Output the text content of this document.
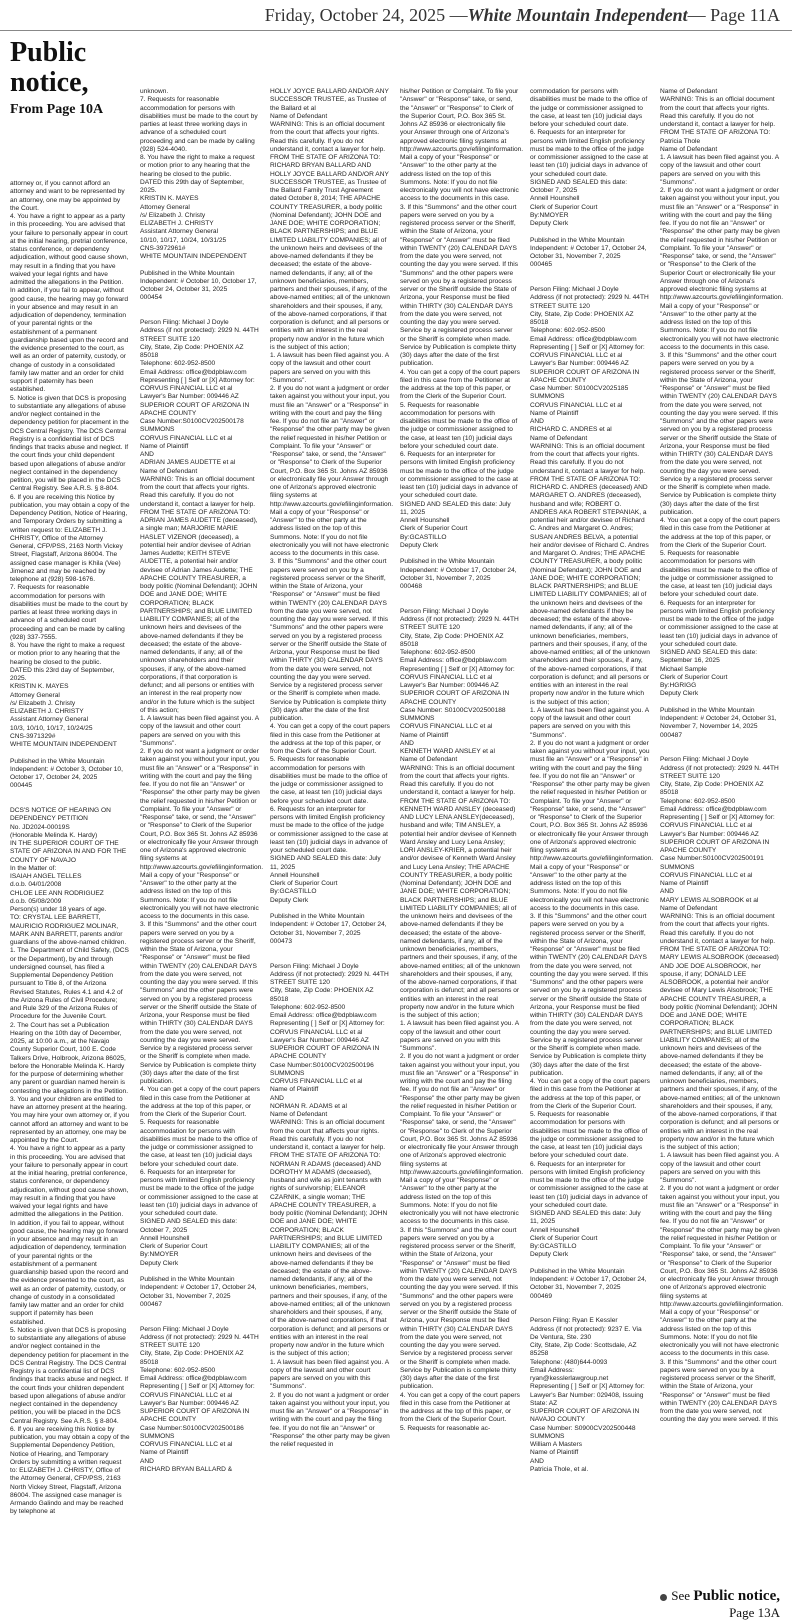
Friday, October 24, 2025 —White Mountain Independent— Page 11A
Public notice,
From Page 10A
attorney or, if you cannot afford an attorney and want to be represented by an attorney, one may be appointed by the Court.
4. You have a right to appear as a party in this proceeding. You are advised that your failure to personally appear in court at the initial hearing, pretrial conference, status conference, or dependency adjudication, without good cause shown, may result in a finding that you have waived your legal rights and have admitted the allegations in the Petition. In addition, if you fail to appear, without good cause, the hearing may go forward in your absence and may result in an adjudication of dependency, termination of your parental rights or the establishment of a permanent guardianship based upon the record and the evidence presented to the court, as well as an order of paternity, custody, or change of custody in a consolidated family law matter and an order for child support if paternity has been established.
5. Notice is given that DCS is proposing to substantiate any allegations of abuse and/or neglect contained in the dependency petition for placement in the DCS Central Registry. The DCS Central Registry is a confidential list of DCS findings that tracks abuse and neglect. If the court finds your child dependent based upon allegations of abuse and/or neglect contained in the dependency petition, you will be placed in the DCS Central Registry. See A.R.S. § 8-804.
6. If you are receiving this Notice by publication, you may obtain a copy of the Dependency Petition, Notice of Hearing, and Temporary Orders by submitting a written request to: ELIZABETH J. CHRISTY, Office of the Attorney General, CFP/PSS, 2163 North Vickey Street, Flagstaff, Arizona 86004. The assigned case manager is Khila (Vee) Jimenez and may be reached by telephone at (928) 598-1676.
7. Requests for reasonable accommodation for persons with disabilities must be made to the court by parties at least three working days in advance of a scheduled court proceeding and can be made by calling (928) 337-7555.
8. You have the right to make a request or motion prior to any hearing that the hearing be closed to the public.
DATED this 23rd day of September, 2025.
KRISTIN K. MAYES
Attorney General
/s/ Elizabeth J. Christy
ELIZABETH J. CHRISTY
Assistant Attorney General
10/3, 10/10, 10/17, 10/24/25
CNS-3971329#
WHITE MOUNTAIN INDEPENDENT

Published in the White Mountain Independent: # October 3, October 10, October 17, October 24, 2025
000445

DCS'S NOTICE OF HEARING ON DEPENDENCY PETITION
No. JD2024-00019S
(Honorable Melinda K. Hardy)
IN THE SUPERIOR COURT OF THE STATE OF ARIZONA IN AND FOR THE COUNTY OF NAVAJO
In the Matter of:
ISAIAH ANGEL TELLES
d.o.b. 04/01/2008
CHLOE LEE ANN RODRIGUEZ
d.o.b. 05/08/2009
Person(s) under 18 years of age.
TO: CRYSTAL LEE BARRETT, MAURICIO RODRIGUEZ MOLINAR, MARK ANN BARRETT, parents and/or guardians of the above-named children.
1. The Department of Child Safety, (DCS or the Department), by and through undersigned counsel, has filed a Supplemental Dependency Petition pursuant to Title 8, of the Arizona Revised Statutes, Rules 4.1 and 4.2 of the Arizona Rules of Civil Procedure; and Rule 329 of the Arizona Rules of Procedure for the Juvenile Court.
2. The Court has set a Publication Hearing on the 10th day of December, 2025, at 10:00 a.m., at the Navajo County Superior Court, 100 E. Code Talkers Drive, Holbrook, Arizona 86025, before the Honorable Melinda K. Hardy for the purpose of determining whether any parent or guardian named herein is contesting the allegations in the Petition.
3. You and your children are entitled to have an attorney present at the hearing. You may hire your own attorney or, if you cannot afford an attorney and want to be represented by an attorney, one may be appointed by the Court.
4. You have a right to appear as a party in this proceeding. You are advised that your failure to personally appear in court at the initial hearing, pretrial conference, status conference, or dependency adjudication, without good cause shown, may result in a finding that you have waived your legal rights and have admitted the allegations in the Petition. In addition, if you fail to appear, without good cause, the hearing may go forward in your absence and may result in an adjudication of dependency, termination of your parental rights or the establishment of a permanent guardianship based upon the record and the evidence presented to the court, as well as an order of paternity, custody, or change of custody in a consolidated family law matter and an order for child support if paternity has been established.
5. Notice is given that DCS is proposing to substantiate any allegations of abuse and/or neglect contained in the dependency petition for placement in the DCS Central Registry. The DCS Central Registry is a confidential list of DCS findings that tracks abuse and neglect. If the court finds your children dependent based upon allegations of abuse and/or neglect contained in the dependency petition, you will be placed in the DCS Central Registry. See A.R.S. § 8-804.
6. If you are receiving this Notice by publication, you may obtain a copy of the Supplemental Dependency Petition, Notice of Hearing, and Temporary Orders by submitting a written request to: ELIZABETH J. CHRISTY, Office of the Attorney General, CFP/PSS, 2163 North Vickey Street, Flagstaff, Arizona 86004. The assigned case manager is Armando Galindo and may be reached by telephone at
unknown.
7. Requests for reasonable accommodation for persons with disabilities must be made to the court by parties at least three working days in advance of a scheduled court proceeding and can be made by calling (928) 524-4040.
8. You have the right to make a request or motion prior to any hearing that the hearing be closed to the public.
DATED this 29th day of September, 2025.
KRISTIN K. MAYES
Attorney General
/s/ Elizabeth J. Christy
ELIZABETH J. CHRISTY
Assistant Attorney General
10/10, 10/17, 10/24, 10/31/25
CNS-3972961#
WHITE MOUNTAIN INDEPENDENT

Published in the White Mountain Independent: # October 10, October 17, October 24, October 31, 2025
000454

Person Filing: Michael J Doyle
Address (if not protected): 2929 N. 44TH STREET SUITE 120
City, State, Zip Code: PHOENIX AZ 85018
Telephone: 602-952-8500
Email Address: office@bdpblaw.com
Representing [ ] Self or [X] Attorney for: CORVUS FINANCIAL LLC et al
Lawyer's Bar Number: 009446 AZ
SUPERIOR COURT OF ARIZONA IN APACHE COUNTY
Case Number:S0100CV202500178
SUMMONS
CORVUS FINANCIAL LLC et al
Name of Plaintiff
AND
ADRIAN JAMES AUDETTE et al
Name of Defendant
WARNING: This is an official document from the court that affects your rights. Read this carefully. If you do not understand it, contact a lawyer for help.
FROM THE STATE OF ARIZONA TO:
ADRIAN JAMES AUDETTE (deceased), a single man; MARJORIE MARIE HASLET VIZENOR (deceased), a potential heir and/or devisee of Adrian James Audette; KEITH STEVE AUDETTE, a potential heir and/or devisee of Adrian James Audette; THE APACHE COUNTY TREASURER, a body politic (Nominal Defendant); JOHN DOE and JANE DOE; WHITE CORPORATION; BLACK PARTNERSHIPS; and BLUE LIMITED LIABILITY COMPANIES; all of the unknown heirs and devisees of the above-named defendants if they be deceased; the estate of the above-named defendants, if any; all of the unknown shareholders and their spouses, if any, of the above-named corporations, if that corporation is defunct; and all persons or entities with an interest in the real property now and/or in the future which is the subject of this action;
1. A lawsuit has been filed against you. A copy of the lawsuit and other court papers are served on you with this "Summons".
2. If you do not want a judgment or order taken against you without your input, you must file an "Answer" or a "Response" in writing with the court and pay the filing fee. If you do not file an "Answer" or "Response" the other party may be given the relief requested in his/her Petition or Complaint. To file your "Answer" or "Response" take, or send, the "Answer" or "Response" to Clerk of the Superior Court, P.O. Box 365 St. Johns AZ 85936 or electronically file your Answer through one of Arizona's approved electronic filing systems at http://www.azcourts.gov/efilinginformation. Mail a copy of your "Response" or "Answer" to the other party at the address listed on the top of this Summons. Note: If you do not file electronically you will not have electronic access to the documents in this case.
3. If this "Summons" and the other court papers were served on you by a registered process server or the Sheriff, within the State of Arizona, your "Response" or "Answer" must be filed within TWENTY (20) CALENDAR DAYS from the date you were served, not counting the day you were served. If this "Summons" and the other papers were served on you by a registered process server or the Sheriff outside the State of Arizona, your Response must be filed within THIRTY (30) CALENDAR DAYS from the date you were served, not counting the day you were served. Service by a registered process server or the Sheriff is complete when made. Service by Publication is complete thirty (30) days after the date of the first publication.
4. You can get a copy of the court papers filed in this case from the Petitioner at the address at the top of this paper, or from the Clerk of the Superior Court.
5. Requests for reasonable accommodation for persons with disabilities must be made to the office of the judge or commissioner assigned to the case, at least ten (10) judicial days before your scheduled court date.
6. Requests for an interpreter for persons with limited English proficiency must be made to the office of the judge or commissioner assigned to the case at least ten (10) judicial days in advance of your scheduled court date.
SIGNED AND SEALED this date: October 7, 2025
Annell Hounshell
Clerk of Superior Court
By:NMOYER
Deputy Clerk

Published in the White Mountain Independent: # October 17, October 24, October 31, November 7, 2025
000467

Person Filing: Michael J Doyle
Address (if not protected): 2929 N. 44TH STREET SUITE 120
City, State, Zip Code: PHOENIX AZ 85018
Telephone: 602-952-8500
Email Address: office@bdpblaw.com
Representing [ ] Self or [X] Attorney for: CORVUS FINANCIAL LLC et al
Lawyer's Bar Number: 009446 AZ
SUPERIOR COURT OF ARIZONA IN APACHE COUNTY
Case Number:S0100CV202500186
SUMMONS
CORVUS FINANCIAL LLC et al
Name of Plaintiff
AND
RICHARD BRYAN BALLARD &
HOLLY JOYCE BALLARD AND/OR ANY SUCCESSOR TRUSTEE, as Trustee of the Ballard et al
Name of Defendant
WARNING: This is an official document from the court that affects your rights. Read this carefully. If you do not understand it, contact a lawyer for help.
FROM THE STATE OF ARIZONA TO:
RICHARD BRYAN BALLARD AND HOLLY JOYCE BALLARD AND/OR ANY SUCCESSOR TRUSTEE, as Trustee of the Ballard Family Trust Agreement dated October 8, 2014; THE APACHE COUNTY TREASURER, a body politic (Nominal Defendant); JOHN DOE and JANE DOE; WHITE CORPORATION; BLACK PARTNERSHIPS; and BLUE LIMITED LIABILITY COMPANIES; all of the unknown heirs and devisees of the above-named defendants if they be deceased; the estate of the above-named defendants, if any; all of the unknown beneficiaries, members, partners and their spouses, if any, of the above-named entities; all of the unknown shareholders and their spouses, if any, of the above-named corporations, if that corporation is defunct; and all persons or entities with an interest in the real property now and/or in the future which is the subject of this action;
1. A lawsuit has been filed against you. A copy of the lawsuit and other court papers are served on you with this "Summons".
2. If you do not want a judgment or order taken against you without your input, you must file an "Answer" or a "Response" in writing with the court and pay the filing fee. If you do not file an "Answer" or "Response" the other party may be given the relief requested in his/her Petition or Complaint. To file your "Answer" or "Response" take, or send, the "Answer" or "Response" to Clerk of the Superior Court, P.O. Box 365 St. Johns AZ 85936 or electronically file your Answer through one of Arizona's approved electronic filing systems at http://www.azcourts.gov/efilinginformation. Mail a copy of your "Response" or "Answer" to the other party at the address listed on the top of this Summons. Note: If you do not file electronically you will not have electronic access to the documents in this case.
3. If this "Summons" and the other court papers were served on you by a registered process server or the Sheriff, within the State of Arizona, your "Response" or "Answer" must be filed within TWENTY (20) CALENDAR DAYS from the date you were served, not counting the day you were served. If this "Summons" and the other papers were served on you by a registered process server or the Sheriff outside the State of Arizona, your Response must be filed within THIRTY (30) CALENDAR DAYS from the date you were served, not counting the day you were served. Service by a registered process server or the Sheriff is complete when made. Service by Publication is complete thirty (30) days after the date of the first publication.
4. You can get a copy of the court papers filed in this case from the Petitioner at the address at the top of this paper, or from the Clerk of the Superior Court.
5. Requests for reasonable accommodation for persons with disabilities must be made to the office of the judge or commissioner assigned to the case, at least ten (10) judicial days before your scheduled court date.
6. Requests for an interpreter for persons with limited English proficiency must be made to the office of the judge or commissioner assigned to the case at least ten (10) judicial days in advance of your scheduled court date.
SIGNED AND SEALED this date: July 11, 2025
Annell Hounshell
Clerk of Superior Court
By:GCASTILLO
Deputy Clerk

Published in the White Mountain Independent: # October 17, October 24, October 31, November 7, 2025
000473

Person Filing: Michael J Doyle
Address (if not protected): 2929 N. 44TH STREET SUITE 120
City, State, Zip Code: PHOENIX AZ 85018
Telephone: 602-952-8500
Email Address: office@bdpblaw.com
Representing [ ] Self or [X] Attorney for: CORVUS FINANCIAL LLC et al
Lawyer's Bar Number: 009446 AZ
SUPERIOR COURT OF ARIZONA IN APACHE COUNTY
Case Number:S0100CV202500196
SUMMONS
CORVUS FINANCIAL LLC et al
Name of Plaintiff
AND
NORMAN R. ADAMS et al
Name of Defendant
WARNING: This is an official document from the court that affects your rights. Read this carefully. If you do not understand it, contact a lawyer for help.
FROM THE STATE OF ARIZONA TO:
NORMAN R ADAMS (deceased) AND DOROTHY M ADAMS (deceased), husband and wife as joint tenants with rights of survivorship; ELEANOR CZARNIK, a single woman; THE APACHE COUNTY TREASURER, a body politic (Nominal Defendant); JOHN DOE and JANE DOE; WHITE CORPORATION; BLACK PARTNERSHIPS; and BLUE LIMITED LIABILITY COMPANIES; all of the unknown heirs and devisees of the above-named defendants if they be deceased; the estate of the above-named defendants, if any; all of the unknown beneficiaries, members, partners and their spouses, if any, of the above-named entities; all of the unknown shareholders and their spouses, if any, of the above-named corporations, if that corporation is defunct; and all persons or entities with an interest in the real property now and/or in the future which is the subject of this action;
1. A lawsuit has been filed against you. A copy of the lawsuit and other court papers are served on you with this "Summons".
2. If you do not want a judgment or order taken against you without your input, you must file an "Answer" or a "Response" in writing with the court and pay the filing fee. If you do not file an "Answer" or "Response" the other party may be given the relief requested in
his/her Petition or Complaint. To file your "Answer" or "Response" take, or send, the "Answer" or "Response" to Clerk of the Superior Court, P.O. Box 365 St. Johns AZ 85936 or electronically file your Answer through one of Arizona's approved electronic filing systems at http://www.azcourts.gov/efilinginformation. Mail a copy of your "Response" or "Answer" to the other party at the address listed on the top of this Summons. Note: If you do not file electronically you will not have electronic access to the documents in this case.
3. If this "Summons" and the other court papers were served on you by a registered process server or the Sheriff, within the State of Arizona, your "Response" or "Answer" must be filed within TWENTY (20) CALENDAR DAYS from the date you were served, not counting the day you were served. If this "Summons" and the other papers were served on you by a registered process server or the Sheriff outside the State of Arizona, your Response must be filed within THIRTY (30) CALENDAR DAYS from the date you were served, not counting the day you were served. Service by a registered process server or the Sheriff is complete when made. Service by Publication is complete thirty (30) days after the date of the first publication.
4. You can get a copy of the court papers filed in this case from the Petitioner at the address at the top of this paper, or from the Clerk of the Superior Court.
5. Requests for reasonable accommodation for persons with disabilities must be made to the office of the judge or commissioner assigned to the case, at least ten (10) judicial days before your scheduled court date.
6. Requests for an interpreter for persons with limited English proficiency must be made to the office of the judge or commissioner assigned to the case at least ten (10) judicial days in advance of your scheduled court date.
SIGNED AND SEALED this date: July 11, 2025
Annell Hounshell
Clerk of Superior Court
By:GCASTILLO
Deputy Clerk

Published in the White Mountain Independent: # October 17, October 24, October 31, November 7, 2025
000468

Person Filing: Michael J Doyle
Address (if not protected): 2929 N. 44TH STREET SUITE 120
City, State, Zip Code: PHOENIX AZ 85018
Telephone: 602-952-8500
Email Address: office@bdpblaw.com
Representing [ ] Self or [X] Attorney for: CORVUS FINANCIAL LLC et al
Lawyer's Bar Number: 009446 AZ
SUPERIOR COURT OF ARIZONA IN APACHE COUNTY
Case Number: S0100CV202500188
SUMMONS
CORVUS FINANCIAL LLC et al
Name of Plaintiff
AND
KENNETH WARD ANSLEY et al
Name of Defendant
WARNING: This is an official document from the court that affects your rights. Read this carefully. If you do not understand it, contact a lawyer for help.
FROM THE STATE OF ARIZONA TO:
KENNETH WARD ANSLEY (deceased) AND LUCY LENA ANSLEY(deceased), husband and wife; TIM ANSLEY, a potential heir and/or devisee of Kenneth Ward Ansley and Lucy Lena Ansley; LORI ANSLEY-KRIER, a potential heir and/or devisee of Kenneth Ward Ansley and Lucy Lena Ansley; THE APACHE COUNTY TREASURER, a body politic (Nominal Defendant); JOHN DOE and JANE DOE; WHITE CORPORATION; BLACK PARTNERSHIPS; and BLUE LIMITED LIABILITY COMPANIES; all of the unknown heirs and devisees of the above-named defendants if they be deceased; the estate of the above-named defendants, if any; all of the unknown beneficiaries, members, partners and their spouses, if any, of the above-named entities; all of the unknown shareholders and their spouses, if any, of the above-named corporations, if that corporation is defunct; and all persons or entities with an interest in the real property now and/or in the future which is the subject of this action;
1. A lawsuit has been filed against you. A copy of the lawsuit and other court papers are served on you with this "Summons".
2. If you do not want a judgment or order taken against you without your input, you must file an "Answer" or a "Response" in writing with the court and pay the filing fee. If you do not file an "Answer" or "Response" the other party may be given the relief requested in his/her Petition or Complaint. To file your "Answer" or "Response" take, or send, the "Answer" or "Response" to Clerk of the Superior Court, P.O. Box 365 St. Johns AZ 85936 or electronically file your Answer through one of Arizona's approved electronic filing systems at http://www.azcourts.gov/efilinginformation. Mail a copy of your "Response" or "Answer" to the other party at the address listed on the top of this Summons. Note: If you do not file electronically you will not have electronic access to the documents in this case.
3. If this "Summons" and the other court papers were served on you by a registered process server or the Sheriff, within the State of Arizona, your "Response" or "Answer" must be filed within TWENTY (20) CALENDAR DAYS from the date you were served, not counting the day you were served. If this "Summons" and the other papers were served on you by a registered process server or the Sheriff outside the State of Arizona, your Response must be filed within THIRTY (30) CALENDAR DAYS from the date you were served, not counting the day you were served. Service by a registered process server or the Sheriff is complete when made. Service by Publication is complete thirty (30) days after the date of the first publication.
4. You can get a copy of the court papers filed in this case from the Petitioner at the address at the top of this paper, or from the Clerk of the Superior Court.
5. Requests for reasonable ac-
commodation for persons with disabilities must be made to the office of the judge or commissioner assigned to the case, at least ten (10) judicial days before your scheduled court date.
6. Requests for an interpreter for persons with limited English proficiency must be made to the office of the judge or commissioner assigned to the case at least ten (10) judicial days in advance of your scheduled court date.
SIGNED AND SEALED this date: October 7, 2025
Annell Hounshell
Clerk of Superior Court
By:NMOYER
Deputy Clerk

Published in the White Mountain Independent: # October 17, October 24, October 31, November 7, 2025
000465

Person Filing: Michael J Doyle
Address (if not protected): 2929 N. 44TH STREET SUITE 120
City, State, Zip Code: PHOENIX AZ 85018
Telephone: 602-952-8500
Email Address: office@bdpblaw.com
Representing [ ] Self or [X] Attorney for: CORVUS FINANCIAL LLC et al
Lawyer's Bar Number: 009446 AZ
SUPERIOR COURT OF ARIZONA IN APACHE COUNTY
Case Number: S0100CV2025185
SUMMONS
CORVUS FINANCIAL LLC et al
Name of Plaintiff
AND
RICHARD C. ANDRES et al
Name of Defendant
WARNING: This is an official document from the court that affects your rights. Read this carefully. If you do not understand it, contact a lawyer for help.
FROM THE STATE OF ARIZONA TO:
RICHARD C. ANDRES (deceased) AND MARGARET O. ANDRES (deceased), husband and wife; ROBERT O. ANDRES AKA ROBERT STEPANIAK, a potential heir and/or devisee of Richard C. Andres and Margaret O. Andres; SUSAN ANDRES BELVA, a potential heir and/or devisee of Richard C. Andres and Margaret O. Andres; THE APACHE COUNTY TREASURER, a body politic (Nominal Defendant); JOHN DOE and JANE DOE; WHITE CORPORATION; BLACK PARTNERSHIPS; and BLUE LIMITED LIABILITY COMPANIES; all of the unknown heirs and devisees of the above-named defendants if they be deceased; the estate of the above-named defendants, if any; all of the unknown beneficiaries, members, partners and their spouses, if any, of the above-named entities; all of the unknown shareholders and their spouses, if any, of the above-named corporations, if that corporation is defunct; and all persons or entities with an interest in the real property now and/or in the future which is the subject of this action;
1. A lawsuit has been filed against you. A copy of the lawsuit and other court papers are served on you with this "Summons".
2. If you do not want a judgment or order taken against you without your input, you must file an "Answer" or a "Response" in writing with the court and pay the filing fee. If you do not file an "Answer" or "Response" the other party may be given the relief requested in his/her Petition or Complaint. To file your "Answer" or "Response" take, or send, the "Answer" or "Response" to Clerk of the Superior Court, P.O. Box 365 St. Johns AZ 85936 or electronically file your Answer through one of Arizona's approved electronic filing systems at http://www.azcourts.gov/efilinginformation. Mail a copy of your "Response" or "Answer" to the other party at the address listed on the top of this Summons. Note: If you do not file electronically you will not have electronic access to the documents in this case.
3. If this "Summons" and the other court papers were served on you by a registered process server or the Sheriff, within the State of Arizona, your "Response" or "Answer" must be filed within TWENTY (20) CALENDAR DAYS from the date you were served, not counting the day you were served. If this "Summons" and the other papers were served on you by a registered process server or the Sheriff outside the State of Arizona, your Response must be filed within THIRTY (30) CALENDAR DAYS from the date you were served, not counting the day you were served. Service by a registered process server or the Sheriff is complete when made. Service by Publication is complete thirty (30) days after the date of the first publication.
4. You can get a copy of the court papers filed in this case from the Petitioner at the address at the top of this paper, or from the Clerk of the Superior Court.
5. Requests for reasonable accommodation for persons with disabilities must be made to the office of the judge or commissioner assigned to the case, at least ten (10) judicial days before your scheduled court date.
6. Requests for an interpreter for persons with limited English proficiency must be made to the office of the judge or commissioner assigned to the case at least ten (10) judicial days in advance of your scheduled court date.
SIGNED AND SEALED this date: July 11, 2025
Annell Hounshell
Clerk of Superior Court
By:GCASTILLO
Deputy Clerk

Published in the White Mountain Independent: # October 17, October 24, October 31, November 7, 2025
000469

Person Filing: Ryan E Kessler
Address (if not protected): 9237 E. Via De Ventura, Ste. 230
City, State, Zip Code: Scottsdale, AZ 85258
Telephone: (480)644-0093
Email Address: ryan@kesslerlawgroup.net
Representing [ ] Self or [X] Attorney for: Lawyer's Bar Number: 029408, Issuing State: AZ
SUPERIOR COURT OF ARIZONA IN NAVAJO COUNTY
Case Number: S0900CV202500448
SUMMONS
William A Masters
Name of Plaintiff
AND
Patricia Thole, et al.
Name of Defendant
WARNING: This is an official document from the court that affects your rights. Read this carefully. If you do not understand it, contact a lawyer for help.
FROM THE STATE OF ARIZONA TO: Patricia Thole
Name of Defendant
1. A lawsuit has been filed against you. A copy of the lawsuit and other court papers are served on you with this "Summons".
2. If you do not want a judgment or order taken against you without your input, you must file an "Answer" or a "Response" in writing with the court and pay the filing fee. If you do not file an "Answer" or "Response" the other party may be given the relief requested in his/her Petition or Complaint. To file your "Answer" or "Response" take, or send, the "Answer" or "Response" to the Clerk of the Superior Court or electronically file your Answer through one of Arizona's approved electronic filing systems at http://www.azcourts.gov/efilinginformation. Mail a copy of your "Response" or "Answer" to the other party at the address listed on the top of this Summons. Note: If you do not file electronically you will not have electronic access to the documents in this case.
3. If this "Summons" and the other court papers were served on you by a registered process server or the Sheriff, within the State of Arizona, your "Response" or "Answer" must be filed within TWENTY (20) CALENDAR DAYS from the date you were served, not counting the day you were served. If this "Summons" and the other papers were served on you by a registered process server or the Sheriff outside the State of Arizona, your Response must be filed within THIRTY (30) CALENDAR DAYS from the date you were served, not counting the day you were served. Service by a registered process server or the Sheriff is complete when made. Service by Publication is complete thirty (30) days after the date of the first publication.
4. You can get a copy of the court papers filed in this case from the Petitioner at the address at the top of this paper, or from the Clerk of the Superior Court.
5. Requests for reasonable accommodation for persons with disabilities must be made to the office of the judge or commissioner assigned to the case, at least ten (10) judicial days before your scheduled court date.
6. Requests for an interpreter for persons with limited English proficiency must be made to the office of the judge or commissioner assigned to the case at least ten (10) judicial days in advance of your scheduled court date.
SIGNED AND SEALED this date: September 16, 2025
Michael Sample
Clerk of Superior Court
By:HGRIGG
Deputy Clerk

Published in the White Mountain Independent: # October 24, October 31, November 7, November 14, 2025
000487

Person Filing: Michael J Doyle
Address (if not protected): 2929 N. 44TH STREET SUITE 120
City, State, Zip Code: PHOENIX AZ 85018
Telephone: 602-952-8500
Email Address: office@bdpblaw.com
Representing [ ] Self or [X] Attorney for: CORVUS FINANCIAL LLC et al
Lawyer's Bar Number: 009446 AZ
SUPERIOR COURT OF ARIZONA IN APACHE COUNTY
Case Number:S0100CV202500191
SUMMONS
CORVUS FINANCIAL LLC et al
Name of Plaintiff
AND
MARY LEWIS ALSOBROOK et al
Name of Defendant
WARNING: This is an official document from the court that affects your rights. Read this carefully. If you do not understand it, contact a lawyer for help.
FROM THE STATE OF ARIZONA TO:
MARY LEWIS ALSOBROOK (deceased) AND JOE DOE ALSOBROOK, her spouse, if any; DONALD LEE ALSOBROOK, a potential heir and/or devisee of Mary Lewis Alsobrook; THE APACHE COUNTY TREASURER, a body politic (Nominal Defendant); JOHN DOE and JANE DOE; WHITE CORPORATION; BLACK PARTNERSHIPS; and BLUE LIMITED LIABILITY COMPANIES; all of the unknown heirs and devisees of the above-named defendants if they be deceased; the estate of the above-named defendants, if any; all of the unknown beneficiaries, members, partners and their spouses, if any, of the above-named entities; all of the unknown shareholders and their spouses, if any, of the above-named corporations, if that corporation is defunct; and all persons or entities with an interest in the real property now and/or in the future which is the subject of this action;
1. A lawsuit has been filed against you. A copy of the lawsuit and other court papers are served on you with this "Summons".
2. If you do not want a judgment or order taken against you without your input, you must file an "Answer" or a "Response" in writing with the court and pay the filing fee. If you do not file an "Answer" or "Response" the other party may be given the relief requested in his/her Petition or Complaint. To file your "Answer" or "Response" take, or send, the "Answer" or "Response" to Clerk of the Superior Court, P.O. Box 365 St. Johns AZ 85936 or electronically file your Answer through one of Arizona's approved electronic filing systems at http://www.azcourts.gov/efilinginformation. Mail a copy of your "Response" or "Answer" to the other party at the address listed on the top of this Summons. Note: If you do not file electronically you will not have electronic access to the documents in this case.
3. If this "Summons" and the other court papers were served on you by a registered process server or the Sheriff, within the State of Arizona, your "Response" or "Answer" must be filed within TWENTY (20) CALENDAR DAYS from the date you were served, not counting the day you were served. If this
See Public notice,
Page 13A
